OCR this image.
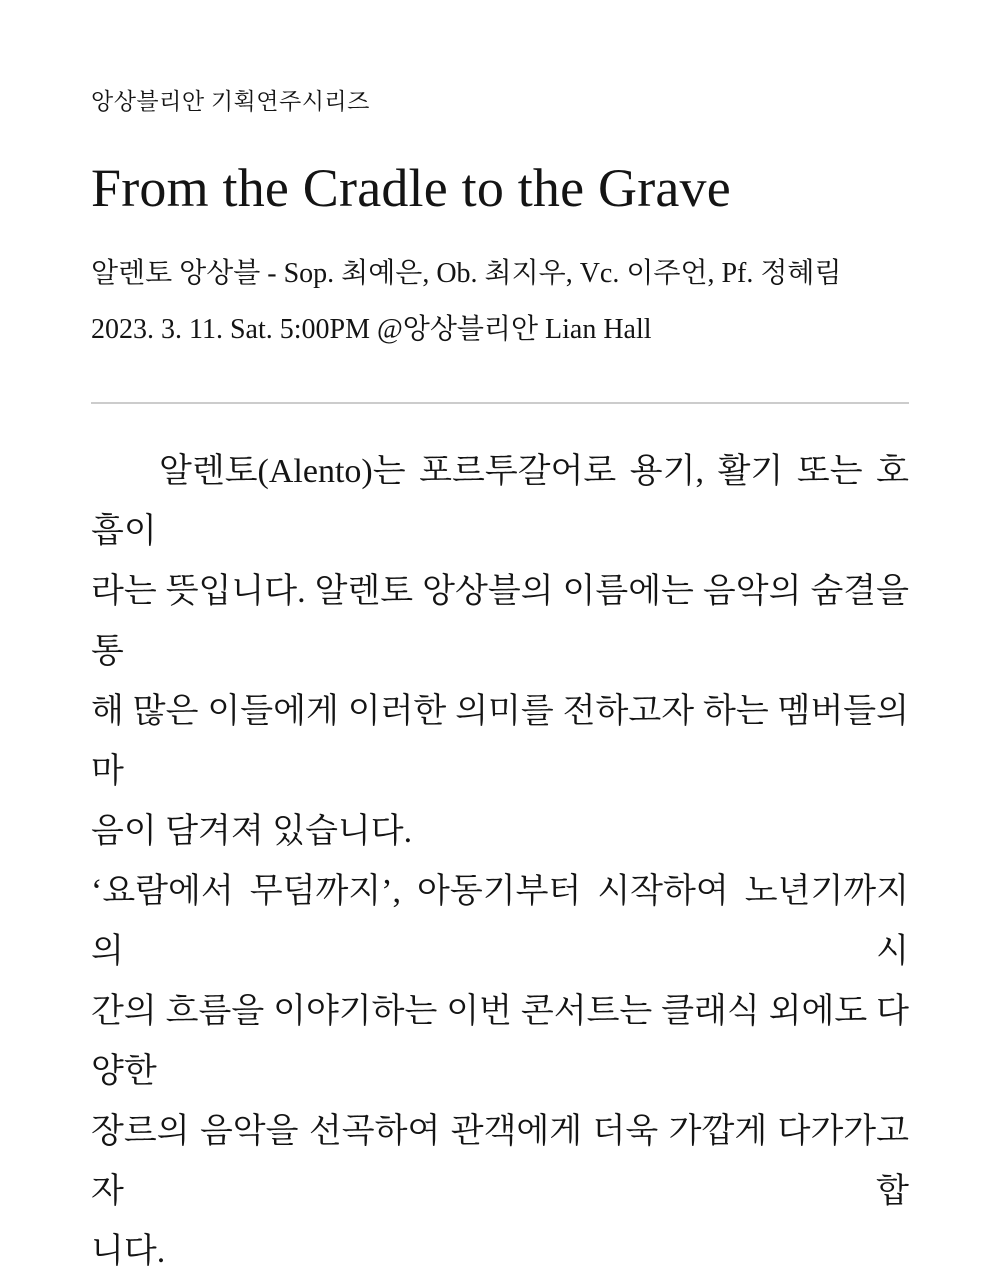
앙상블리안 기획연주시리즈
From the Cradle to the Grave
알렌토 앙상블 - Sop. 최예은, Ob. 최지우, Vc. 이주언, Pf. 정혜림
2023. 3. 11. Sat. 5:00PM @앙상블리안 Lian Hall
알렌토(Alento)는 포르투갈어로 용기, 활기 또는 호흡이
라는 뜻입니다. 알렌토 앙상블의 이름에는 음악의 숨결을 통
해 많은 이들에게 이러한 의미를 전하고자 하는 멤버들의 마
음이 담겨져 있습니다.
‘요람에서 무덤까지’, 아동기부터 시작하여 노년기까지의 시
간의 흐름을 이야기하는 이번 콘서트는 클래식 외에도 다양한
장르의 음악을 선곡하여 관객에게 더욱 가깝게 다가가고자 합
니다.
